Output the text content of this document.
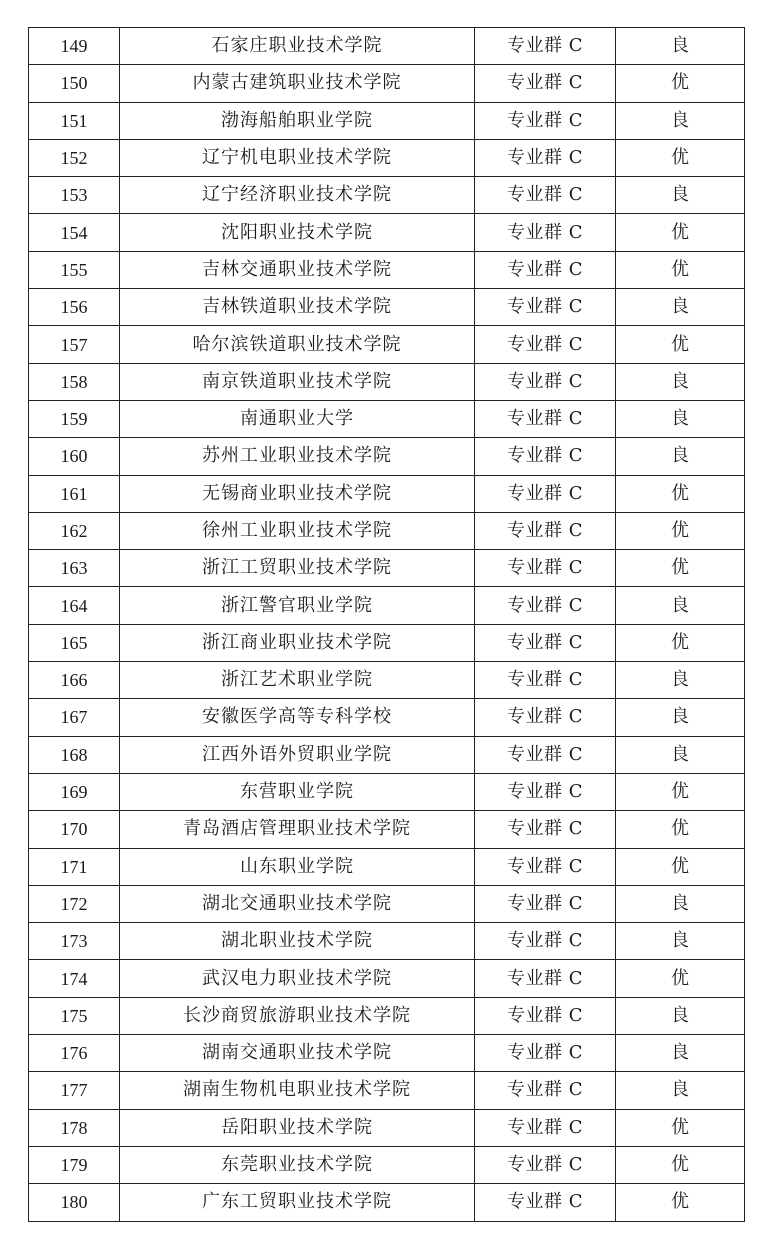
149	石家庄职业技术学院	专业群 C	良
150	内蒙古建筑职业技术学院	专业群 C	优
151	渤海船舶职业学院	专业群 C	良
152	辽宁机电职业技术学院	专业群 C	优
153	辽宁经济职业技术学院	专业群 C	良
154	沈阳职业技术学院	专业群 C	优
155	吉林交通职业技术学院	专业群 C	优
156	吉林铁道职业技术学院	专业群 C	良
157	哈尔滨铁道职业技术学院	专业群 C	优
158	南京铁道职业技术学院	专业群 C	良
159	南通职业大学	专业群 C	良
160	苏州工业职业技术学院	专业群 C	良
161	无锡商业职业技术学院	专业群 C	优
162	徐州工业职业技术学院	专业群 C	优
163	浙江工贸职业技术学院	专业群 C	优
164	浙江警官职业学院	专业群 C	良
165	浙江商业职业技术学院	专业群 C	优
166	浙江艺术职业学院	专业群 C	良
167	安徽医学高等专科学校	专业群 C	良
168	江西外语外贸职业学院	专业群 C	良
169	东营职业学院	专业群 C	优
170	青岛酒店管理职业技术学院	专业群 C	优
171	山东职业学院	专业群 C	优
172	湖北交通职业技术学院	专业群 C	良
173	湖北职业技术学院	专业群 C	良
174	武汉电力职业技术学院	专业群 C	优
175	长沙商贸旅游职业技术学院	专业群 C	良
176	湖南交通职业技术学院	专业群 C	良
177	湖南生物机电职业技术学院	专业群 C	良
178	岳阳职业技术学院	专业群 C	优
179	东莞职业技术学院	专业群 C	优
180	广东工贸职业技术学院	专业群 C	优
